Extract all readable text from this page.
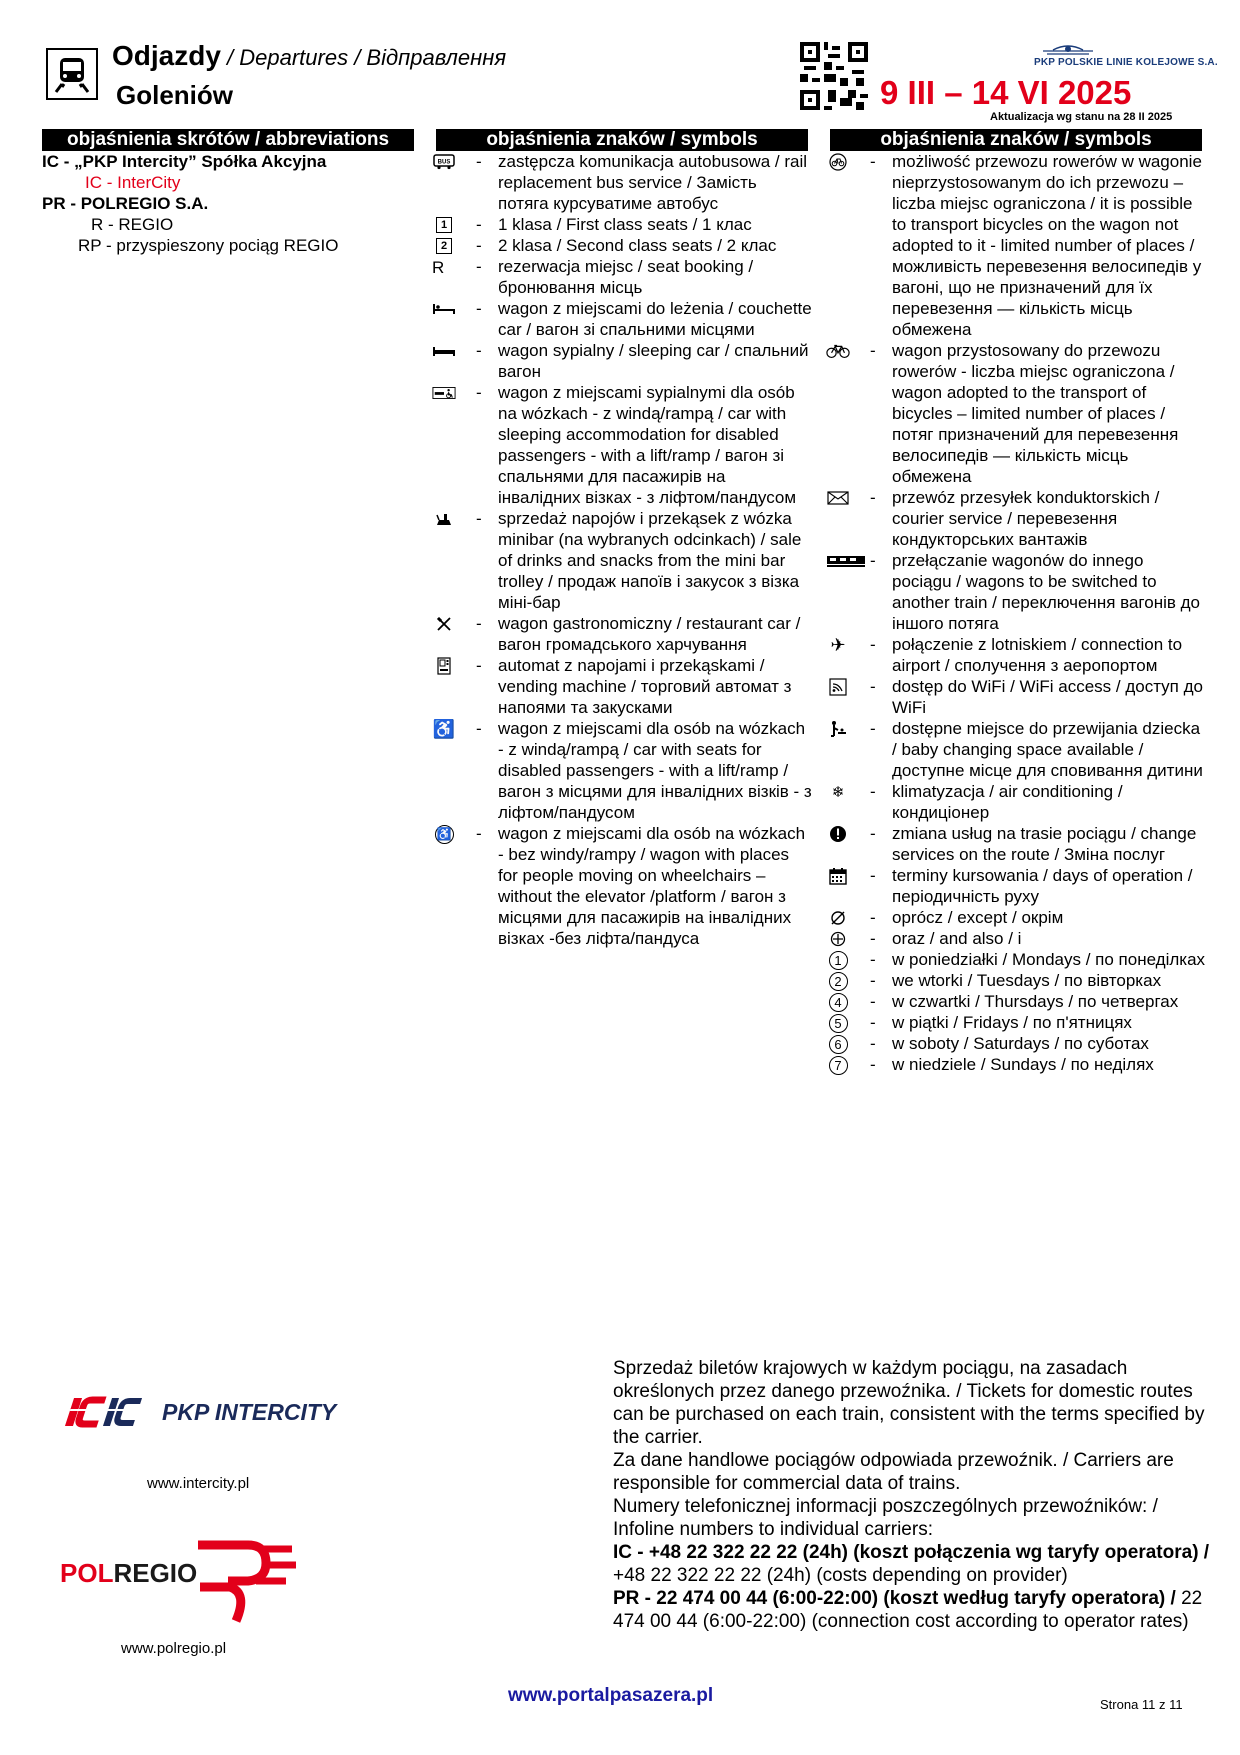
Odjazdy / Departures / Відправлення
Goleniów
PKP POLSKIE LINIE KOLEJOWE S.A.
9 III – 14 VI 2025
Aktualizacja wg stanu na 28 II 2025
objaśnienia skrótów / abbreviations	objaśnienia znaków / symbols	objaśnienia znaków / symbols
IC - „PKP Intercity” Spółka Akcyjna
IC - InterCity
PR - POLREGIO S.A.
R - REGIO
RP - przyspieszony pociąg REGIO
BUS - zastępcza komunikacja autobusowa / rail replacement bus service / Замість потяга курсуватиме автобус
1 - 1 klasa / First class seats / 1 клас
2 - 2 klasa / Second class seats / 2 клас
R	- rezerwacja miejsc / seat booking / бронювання місць
- wagon z miejscami do leżenia / couchette car / вагон зі спальними місцями
- wagon sypialny / sleeping car / спальний вагон
- wagon z miejscami sypialnymi dla osób na wózkach - z windą/rampą / car with sleeping accommodation for disabled passengers - with a lift/ramp / вагон зі спальнями для пасажирів на інвалідних візках - з ліфтом/пандусом
- sprzedaż napojów i przekąsek z wózka minibar (na wybranych odcinkach) / sale of drinks and snacks from the mini bar trolley / продаж напоїв і закусок з візка міні-бар
- wagon gastronomiczny / restaurant car / вагон громадського харчування
- automat z napojami i przekąskami / vending machine / торговий автомат з напоями та закусками
♿ - wagon z miejscami dla osób na wózkach - z windą/rampą / car with seats for disabled passengers - with a lift/ramp / вагон з місцями для інвалідних візків - з ліфтом/пандусом
♿ - wagon z miejscami dla osób na wózkach - bez windy/rampy / wagon with places for people moving on wheelchairs – without the elevator /platform / вагон з місцями для пасажирів на інвалідних візках -без ліфта/пандуса
- możliwość przewozu rowerów w wagonie nieprzystosowanym do ich przewozu – liczba miejsc ograniczona / it is possible to transport bicycles on the wagon not adopted to it - limited number of places / можливість перевезення велосипедів у вагоні, що не призначений для їх перевезення — кількість місць обмежена
- wagon przystosowany do przewozu rowerów - liczba miejsc ograniczona / wagon adopted to the transport of bicycles – limited number of places / потяг призначений для перевезення велосипедів — кількість місць обмежена
- przewóz przesyłek konduktorskich / courier service / перевезення кондукторських вантажів
- przełączanie wagonów do innego pociągu / wagons to be switched to another train / переключення вагонів до іншого потяга
✈ - połączenie z lotniskiem / connection to airport / сполучення з аеропортом
- dostęp do WiFi / WiFi access / доступ до WiFi
- dostępne miejsce do przewijania dziecka / baby changing space available / доступне місце для сповивання дитини
❄	- klimatyzacja / air conditioning / кондиціонер
- zmiana usług na trasie pociągu / change services on the route / Зміна послуг
- terminy kursowania / days of operation / періодичність руху
- oprócz / except / окрім
- oraz / and also / і
1	- w poniedziałki / Mondays / по понеділках
2	- we wtorki / Tuesdays / по вівторках
4	- w czwartki / Thursdays / по четвергах
5	- w piątki / Fridays / по п'ятницях
6	- w soboty / Saturdays / по суботах
7	- w niedziele / Sundays / по неділях
PKP INTERCITY
www.intercity.pl
POLREGIO
www.polregio.pl
Sprzedaż biletów krajowych w każdym pociągu, na zasadach określonych przez danego przewoźnika. / Tickets for domestic routes can be purchased on each train, consistent with the terms specified by the carrier.
Za dane handlowe pociągów odpowiada przewoźnik. / Carriers are responsible for commercial data of trains.
Numery telefonicznej informacji poszczególnych przewoźników: / Infoline numbers to individual carriers:
IC - +48 22 322 22 22 (24h) (koszt połączenia wg taryfy operatora) / +48 22 322 22 22 (24h) (costs depending on provider)
PR - 22 474 00 44 (6:00-22:00) (koszt według taryfy operatora) / 22 474 00 44 (6:00-22:00) (connection cost according to operator rates)
www.portalpasazera.pl	Strona 11 z 11
